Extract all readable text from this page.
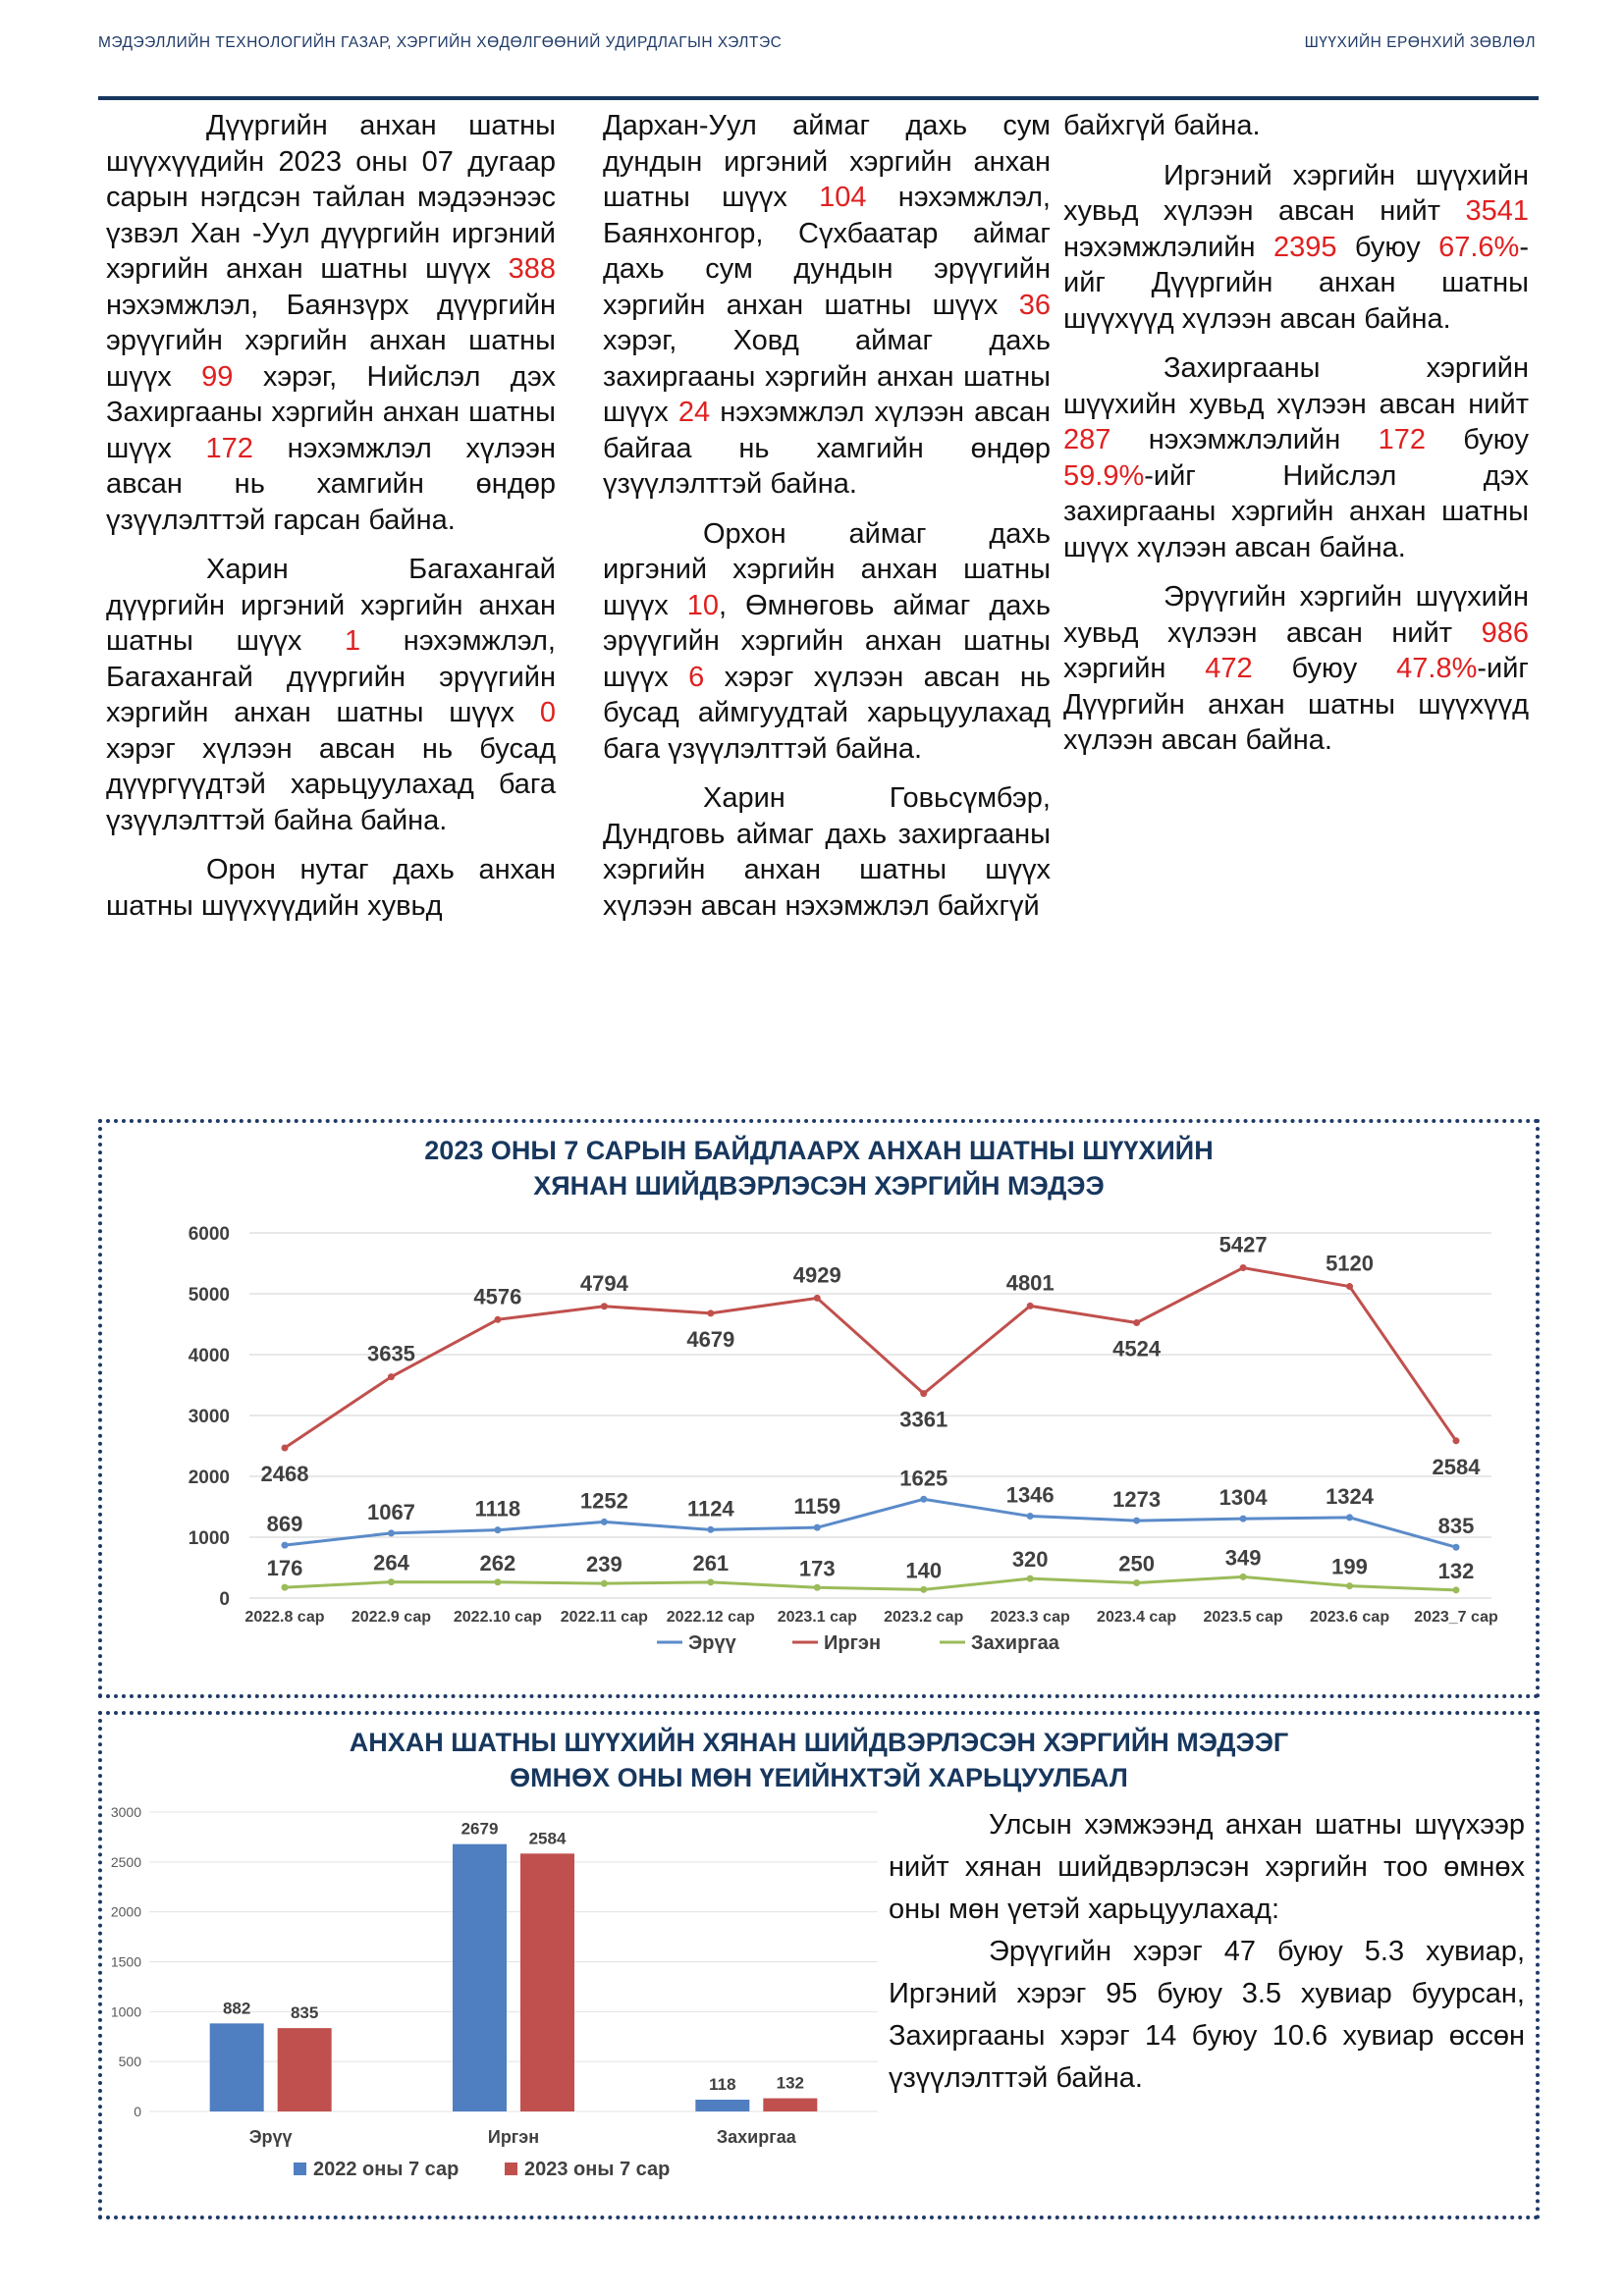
МЭДЭЭЛЛИЙН ТЕХНОЛОГИЙН ГАЗАР, ХЭРГИЙН ХӨДӨЛГӨӨНИЙ УДИРДЛАГЫН ХЭЛТЭС	ШҮҮХИЙН ЕРӨНХИЙ ЗӨВЛӨЛ

Дүүргийн анхан шатны шүүхүүдийн 2023 оны 07 дугаар сарын нэгдсэн тайлан мэдээнээс үзвэл Хан -Уул дүүргийн иргэний хэргийн анхан шатны шүүх 388 нэхэмжлэл, Баянзүрх дүүргийн эрүүгийн хэргийн анхан шатны шүүх 99 хэрэг, Нийслэл дэх Захиргааны хэргийн анхан шатны шүүх 172 нэхэмжлэл хүлээн авсан нь хамгийн өндөр үзүүлэлттэй гарсан байна.

Харин Багахангай дүүргийн иргэний хэргийн анхан шатны шүүх 1 нэхэмжлэл, Багахангай дүүргийн эрүүгийн хэргийн анхан шатны шүүх 0 хэрэг хүлээн авсан нь бусад дүүргүүдтэй харьцуулахад бага үзүүлэлттэй байна байна.

Орон нутаг дахь анхан шатны шүүхүүдийн хувьд

Дархан-Уул аймаг дахь сум дундын иргэний хэргийн анхан шатны шүүх 104 нэхэмжлэл, Баянхонгор, Сүхбаатар аймаг дахь сум дундын эрүүгийн хэргийн анхан шатны шүүх 36 хэрэг, Ховд аймаг дахь захиргааны хэргийн анхан шатны шүүх 24 нэхэмжлэл хүлээн авсан байгаа нь хамгийн өндөр үзүүлэлттэй байна.

Орхон аймаг дахь иргэний хэргийн анхан шатны шүүх 10, Өмнөговь аймаг дахь эрүүгийн хэргийн анхан шатны шүүх 6 хэрэг хүлээн авсан нь бусад аймгуудтай харьцуулахад бага үзүүлэлттэй байна.

Харин Говьсүмбэр, Дундговь аймаг дахь захиргааны хэргийн анхан шатны шүүх хүлээн авсан нэхэмжлэл байхгүй

байхгүй байна.

Иргэний хэргийн шүүхийн хувьд хүлээн авсан нийт 3541 нэхэмжлэлийн 2395 буюу 67.6%-ийг Дүүргийн анхан шатны шүүхүүд хүлээн авсан байна.

Захиргааны хэргийн шүүхийн хувьд хүлээн авсан нийт 287 нэхэмжлэлийн 172 буюу 59.9%-ийг Нийслэл дэх захиргааны хэргийн анхан шатны шүүх хүлээн авсан байна.

Эрүүгийн хэргийн шүүхийн хувьд хүлээн авсан нийт 986 хэргийн 472 буюу 47.8%-ийг Дүүргийн анхан шатны шүүхүүд хүлээн авсан байна.

2023 ОНЫ 7 САРЫН БАЙДЛААРХ АНХАН ШАТНЫ ШҮҮХИЙН
ХЯНАН ШИЙДВЭРЛЭСЭН ХЭРГИЙН МЭДЭЭ
0
1000
2000
3000
4000
5000
6000
2022.8 сар 2022.9 сар 2022.10 сар 2022.11 сар 2022.12 сар 2023.1 сар 2023.2 сар 2023.3 сар 2023.4 сар 2023.5 сар 2023.6 сар 2023_7 сар
869	1067	1118	1252	1124	1159
1625
1346	1273	1304	1324
835
2468
3635
4576
4794
4679
4929
3361
4801
4524
5427
5120
2584
176	264	262	239	261	173	140	320	250	349	199	132
Эрүү	Иргэн	Захиргаа
АНХАН ШАТНЫ ШҮҮХИЙН ХЯНАН ШИЙДВЭРЛЭСЭН ХЭРГИЙН МЭДЭЭГ
ӨМНӨХ ОНЫ МӨН ҮЕИЙНХТЭЙ ХАРЬЦУУЛБАЛ
0
500
1000
1500
2000
2500
3000
882 835
Эрүү
2679
2584
Иргэн
118 132
Захиргаа
2022 оны 7 сар	2023 оны 7 сар

Улсын хэмжээнд анхан шатны шүүхээр нийт хянан шийдвэрлэсэн хэргийн тоо өмнөх оны мөн үетэй харьцуулахад:

Эрүүгийн хэрэг 47 буюу 5.3 хувиар, Иргэний хэрэг 95 буюу 3.5 хувиар буурсан, Захиргааны хэрэг 14 буюу 10.6 хувиар өссөн үзүүлэлттэй байна.
